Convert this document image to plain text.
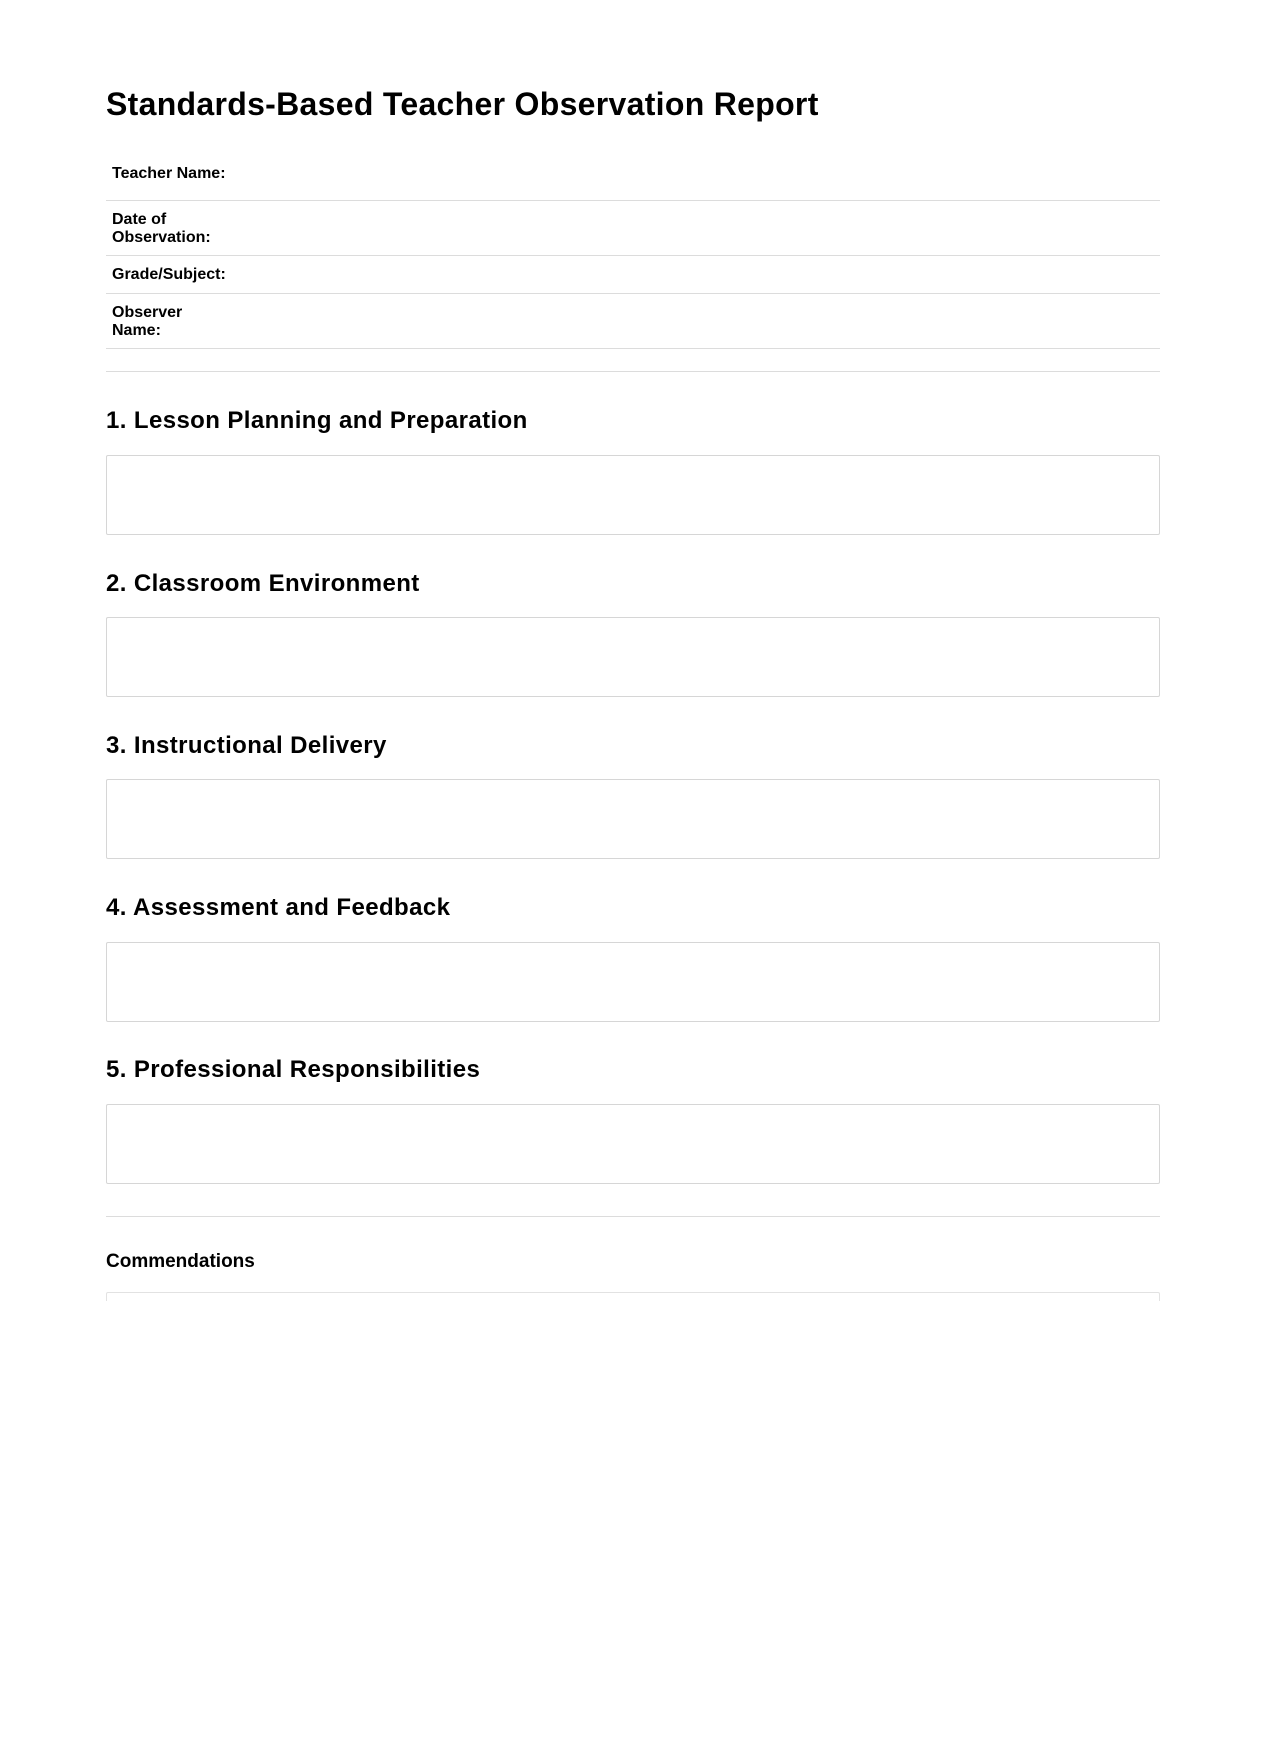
Standards-Based Teacher Observation Report
Teacher Name:	
Date of
Observation:	
Grade/Subject:	
Observer
Name:	
1. Lesson Planning and Preparation
2. Classroom Environment
3. Instructional Delivery
4. Assessment and Feedback
5. Professional Responsibilities
Commendations
